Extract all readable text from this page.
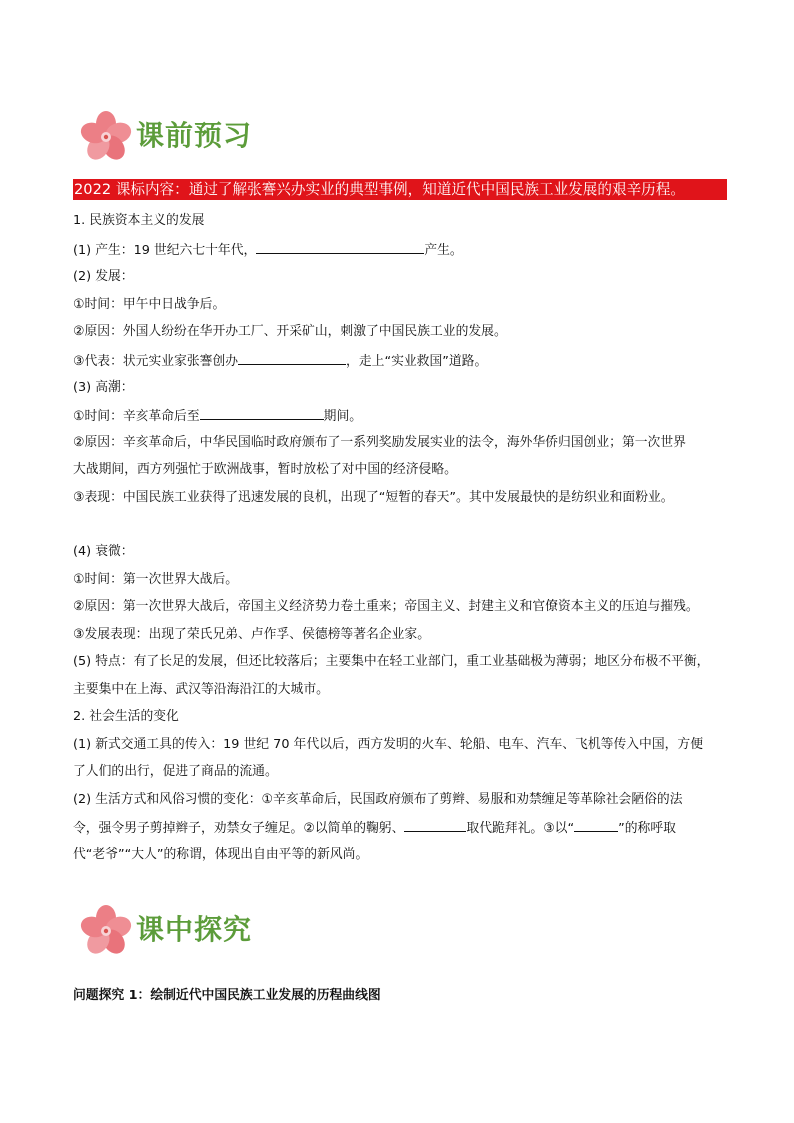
课前预习
2022 课标内容：通过了解张謇兴办实业的典型事例，知道近代中国民族工业发展的艰辛历程。
1. 民族资本主义的发展
(1) 产生：19 世纪六七十年代，	产生。
(2) 发展：
①时间：甲午中日战争后。
②原因：外国人纷纷在华开办工厂、开采矿山，刺激了中国民族工业的发展。
③代表：状元实业家张謇创办	，走上“实业救国”道路。
(3) 高潮：
①时间：辛亥革命后至	期间。
②原因：辛亥革命后，中华民国临时政府颁布了一系列奖励发展实业的法令，海外华侨归国创业；第一次世界
大战期间，西方列强忙于欧洲战事，暂时放松了对中国的经济侵略。
③表现：中国民族工业获得了迅速发展的良机，出现了“短暂的春天”。其中发展最快的是纺织业和面粉业。
(4) 衰微：
①时间：第一次世界大战后。
②原因：第一次世界大战后，帝国主义经济势力卷土重来；帝国主义、封建主义和官僚资本主义的压迫与摧残。
③发展表现：出现了荣氏兄弟、卢作孚、侯德榜等著名企业家。
(5) 特点：有了长足的发展，但还比较落后；主要集中在轻工业部门，重工业基础极为薄弱；地区分布极不平衡，
主要集中在上海、武汉等沿海沿江的大城市。
2. 社会生活的变化
(1) 新式交通工具的传入：19 世纪 70 年代以后，西方发明的火车、轮船、电车、汽车、飞机等传入中国，方便
了人们的出行，促进了商品的流通。
(2) 生活方式和风俗习惯的变化：①辛亥革命后，民国政府颁布了剪辫、易服和劝禁缠足等革除社会陋俗的法
令，强令男子剪掉辫子，劝禁女子缠足。②以简单的鞠躬、	取代跪拜礼。③以“	”的称呼取
代“老爷”“大人”的称谓，体现出自由平等的新风尚。
课中探究
问题探究 1：绘制近代中国民族工业发展的历程曲线图
